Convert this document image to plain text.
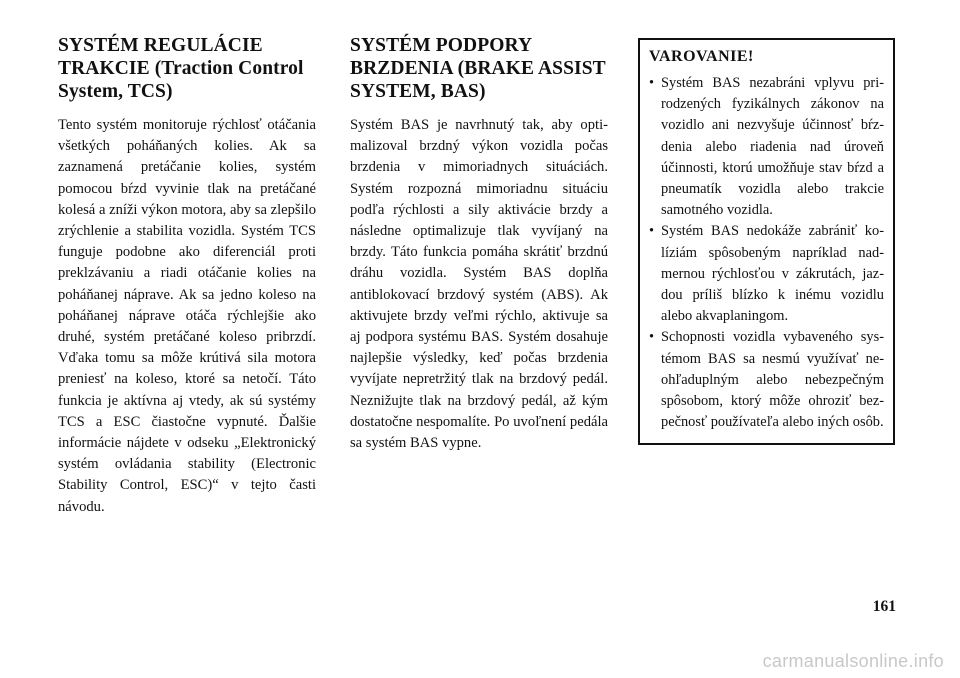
SYSTÉM REGULÁCIE TRAKCIE (Traction Control System, TCS)

Tento systém monitoruje rýchlosť otáčania všetkých poháňaných kolies. Ak sa zaznamená pretáčanie kolies, systém pomocou bŕzd vyvinie tlak na pretáčané kolesá a zníži výkon motora, aby sa zlepšilo zrýchlenie a stabilita vozidla. Systém TCS funguje podobne ako diferenciál proti preklzávaniu a riadi otáčanie kolies na poháňanej náprave. Ak sa jedno koleso na poháňanej náprave otáča rýchlejšie ako druhé, systém pretáčané koleso pribrzdí. Vďaka tomu sa môže krútivá sila motora preniesť na koleso, ktoré sa netočí. Táto funkcia je aktívna aj vtedy, ak sú systémy TCS a ESC čiastočne vypnuté. Ďalšie informácie nájdete v odseku „Elektronický systém ovládania stability (Electronic Stability Control, ESC)“ v tejto časti návodu.

SYSTÉM PODPORY BRZDENIA (BRAKE ASSIST SYSTEM, BAS)

Systém BAS je navrhnutý tak, aby optimalizoval brzdný výkon vozidla počas brzdenia v mimoriadnych situáciách. Systém rozpozná mimoriadnu situáciu podľa rýchlosti a sily aktivácie brzdy a následne optimalizuje tlak vyvíjaný na brzdy. Táto funkcia pomáha skrátiť brzdnú dráhu vozidla. Systém BAS doplňa antiblokovací brzdový systém (ABS). Ak aktivujete brzdy veľmi rýchlo, aktivuje sa aj podpora systému BAS. Systém dosahuje najlepšie výsledky, keď počas brzdenia vyvíjate nepretržitý tlak na brzdový pedál. Neznižujte tlak na brzdový pedál, až kým dostatočne nespomalíte. Po uvoľnení pedála sa systém BAS vypne.

VAROVANIE!
• Systém BAS nezabráni vplyvu prirodzených fyzikálnych zákonov na vozidlo ani nezvyšuje účinnosť bŕzdenia alebo riadenia nad úroveň účinnosti, ktorú umožňuje stav bŕzd a pneumatík vozidla alebo trakcie samotného vozidla.
• Systém BAS nedokáže zabrániť kolíziám spôsobeným napríklad nadmernou rýchlosťou v zákrutách, jazdou príliš blízko k inému vozidlu alebo akvaplaningom.
• Schopnosti vozidla vybaveného systémom BAS sa nesmú využívať neohľaduplným alebo nebezpečným spôsobom, ktorý môže ohroziť bezpečnosť používateľa alebo iných osôb.
161
carmanualsonline.info
